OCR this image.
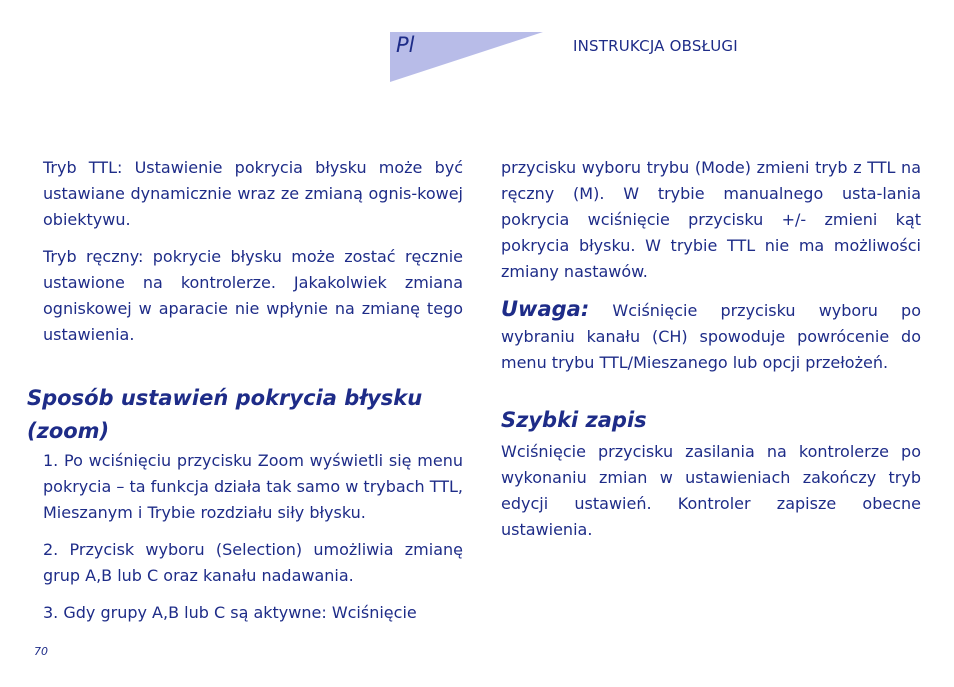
Pl	INSTRUKCJA OBSŁUGI

Tryb TTL: Ustawienie pokrycia błysku może być ustawiane dynamicznie wraz ze zmianą ognis-kowej obiektywu.

Tryb ręczny: pokrycie błysku może zostać ręcznie ustawione na kontrolerze. Jakakolwiek zmiana ogniskowej w aparacie nie wpłynie na zmianę tego ustawienia.

Sposób ustawień pokrycia błysku (zoom)

1. Po wciśnięciu przycisku Zoom wyświetli się menu pokrycia – ta funkcja działa tak samo w trybach TTL, Mieszanym i Trybie rozdziału siły błysku.

2. Przycisk wyboru (Selection) umożliwia zmianę grup A,B lub C oraz kanału nadawania.

3. Gdy grupy A,B lub C są aktywne: Wciśnięcie

przycisku wyboru trybu (Mode) zmieni tryb z TTL na ręczny (M). W trybie manualnego usta-lania pokrycia wciśnięcie przycisku +/- zmieni kąt pokrycia błysku. W trybie TTL nie ma możliwości zmiany nastawów.

Uwaga: Wciśnięcie przycisku wyboru po wybraniu kanału (CH) spowoduje powrócenie do menu trybu TTL/Mieszanego lub opcji przełożeń.

Szybki zapis

Wciśnięcie przycisku zasilania na kontrolerze po wykonaniu zmian w ustawieniach zakończy tryb edycji ustawień. Kontroler zapisze obecne ustawienia.

70
